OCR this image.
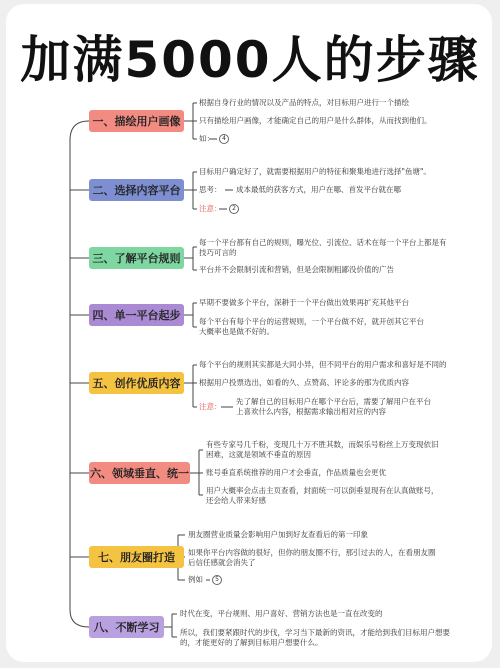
加满5000人的步骤
一、描绘用户画像
二、选择内容平台
三、了解平台规则
四、单一平台起步
五、创作优质内容
六、领域垂直、统一
七、朋友圈打造
八、不断学习
根据自身行业的情况以及产品的特点，对目标用户进行一个描绘
只有描绘用户画像，才能确定自己的用户是什么群体，从而找到他们。
如：	4
目标用户确定好了，就需要根据用户的特征和聚集地进行选择"鱼塘"。
思考： 成本最低的获客方式，用户在哪、首发平台就在哪
注意：	2
每一个平台都有自己的规则，曝光位、引流位、话术在每一个平台上都是有
技巧可言的
平台并不会限制引流和营销，但是会限制粗鄙没价值的广告
早期不要做多个平台，深耕于一个平台做出效果再扩充其他平台
每个平台有每个平台的运营规则，一个平台做不好，就开创其它平台
大概率也是做不好的。
每个平台的规则其实都是大同小异，但不同平台的用户需求和喜好是不同的
根据用户投票选出，如看的久、点赞高、评论多的那为优质内容
注意：
先了解自己的目标用户在哪个平台后，需要了解用户在平台
上喜欢什么内容，根据需求输出相对应的内容
有些专家号几千粉，变现几十万不胜其数，而娱乐号粉丝上万变现依旧
困难，这就是领域不垂直的原因
账号垂直系统推荐的用户才会垂直，作品质量也会更优
用户大概率会点击主页查看，封面统一可以倒垂显现有在认真做账号，
还会给人带来好感
朋友圈营业质量会影响用户加到好友查看后的第一印象
如果你平台内容做的很好，但你的朋友圈不行，那引过去的人，在看朋友圈
后信任感就会消失了
例如	5
时代在变，平台规则、用户喜好、营销方法也是一直在改变的
所以，我们要紧跟时代的步伐，学习当下最新的资讯，才能给到我们目标用户想要
的，才能更好的了解到目标用户想要什么。
